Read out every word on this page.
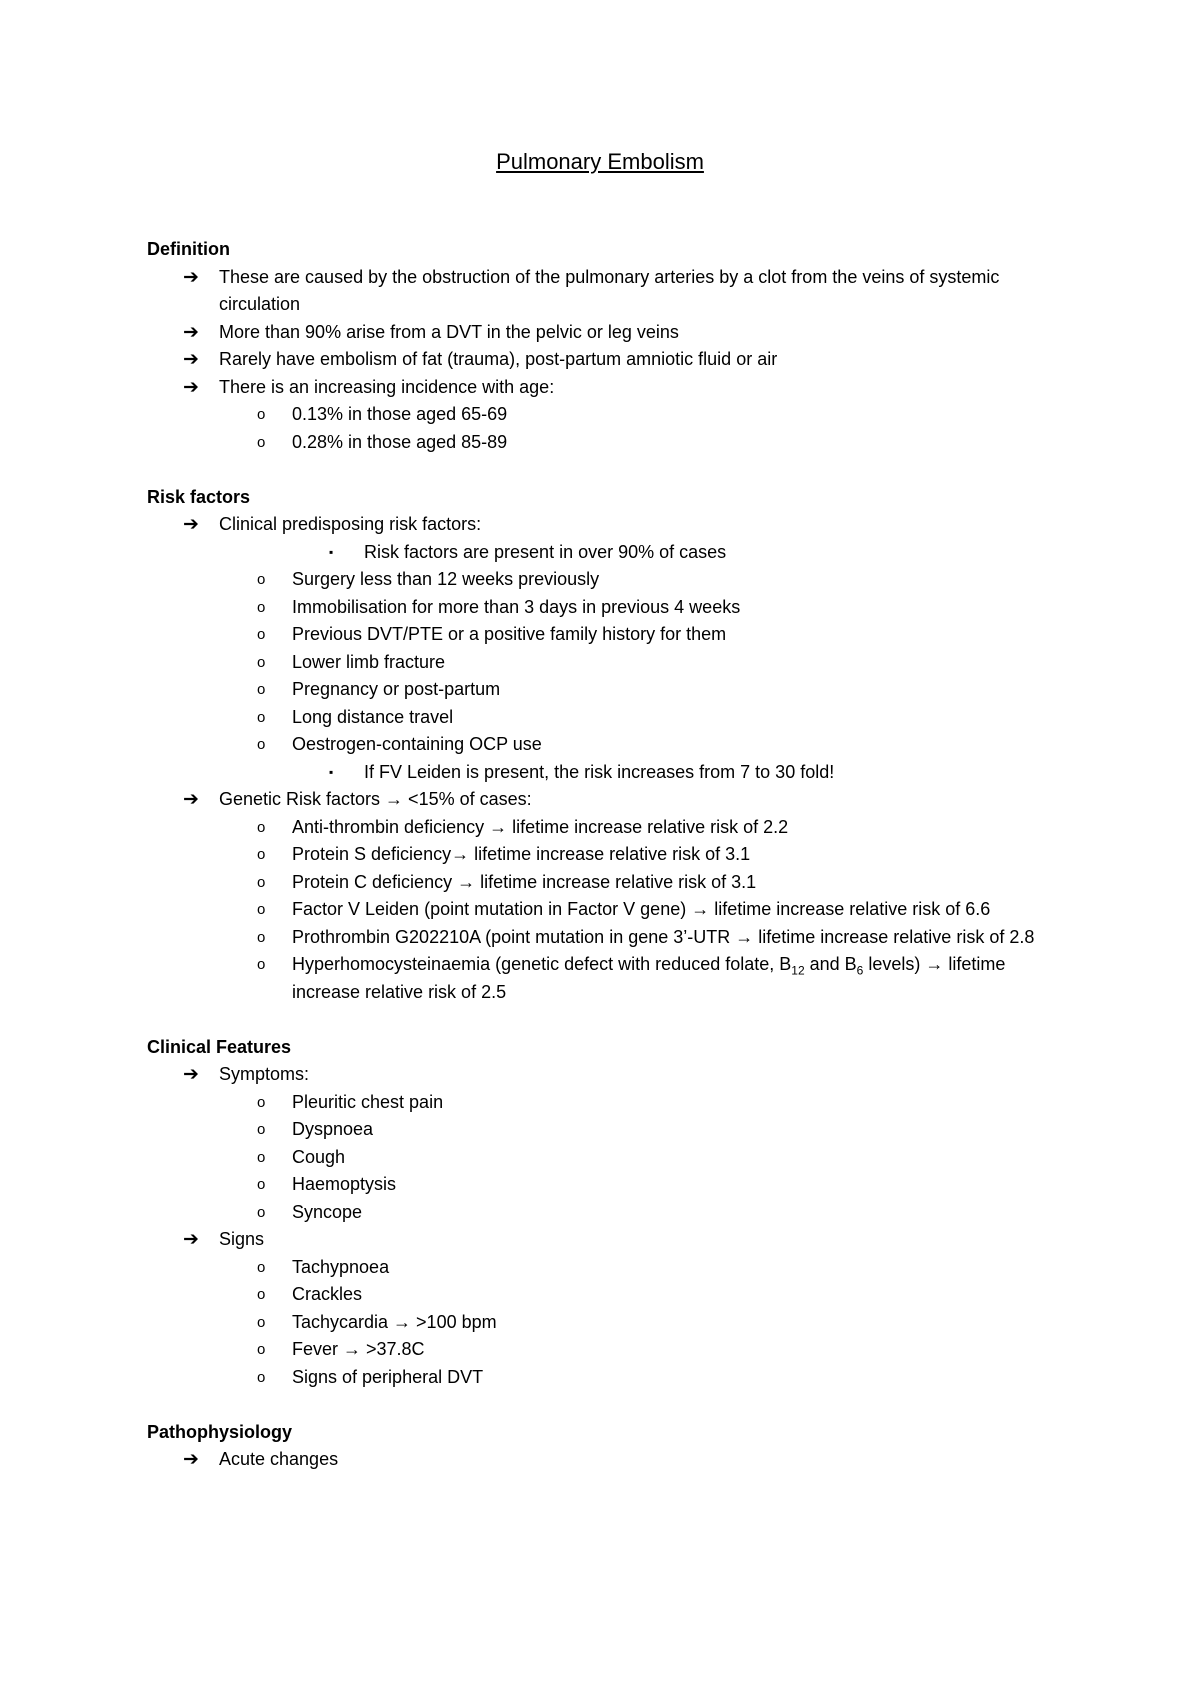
Pulmonary Embolism
Definition
➔ These are caused by the obstruction of the pulmonary arteries by a clot from the veins of systemic circulation
➔ More than 90% arise from a DVT in the pelvic or leg veins
➔ Rarely have embolism of fat (trauma), post-partum amniotic fluid or air
➔ There is an increasing incidence with age:
o 0.13% in those aged 65-69
o 0.28% in those aged 85-89
Risk factors
➔ Clinical predisposing risk factors:
▪ Risk factors are present in over 90% of cases
o Surgery less than 12 weeks previously
o Immobilisation for more than 3 days in previous 4 weeks
o Previous DVT/PTE or a positive family history for them
o Lower limb fracture
o Pregnancy or post-partum
o Long distance travel
o Oestrogen-containing OCP use
▪ If FV Leiden is present, the risk increases from 7 to 30 fold!
➔ Genetic Risk factors → <15% of cases:
o Anti-thrombin deficiency → lifetime increase relative risk of 2.2
o Protein S deficiency→ lifetime increase relative risk of 3.1
o Protein C deficiency → lifetime increase relative risk of 3.1
o Factor V Leiden (point mutation in Factor V gene) → lifetime increase relative risk of 6.6
o Prothrombin G202210A (point mutation in gene 3’-UTR → lifetime increase relative risk of 2.8
o Hyperhomocysteinaemia (genetic defect with reduced folate, $B_{12}$ and $B_6$ levels) → lifetime increase relative risk of 2.5
Clinical Features
➔ Symptoms:
o Pleuritic chest pain
o Dyspnoea
o Cough
o Haemoptysis
o Syncope
➔ Signs
o Tachypnoea
o Crackles
o Tachycardia → >100 bpm
o Fever → >37.8C
o Signs of peripheral DVT
Pathophysiology
➔ Acute changes
